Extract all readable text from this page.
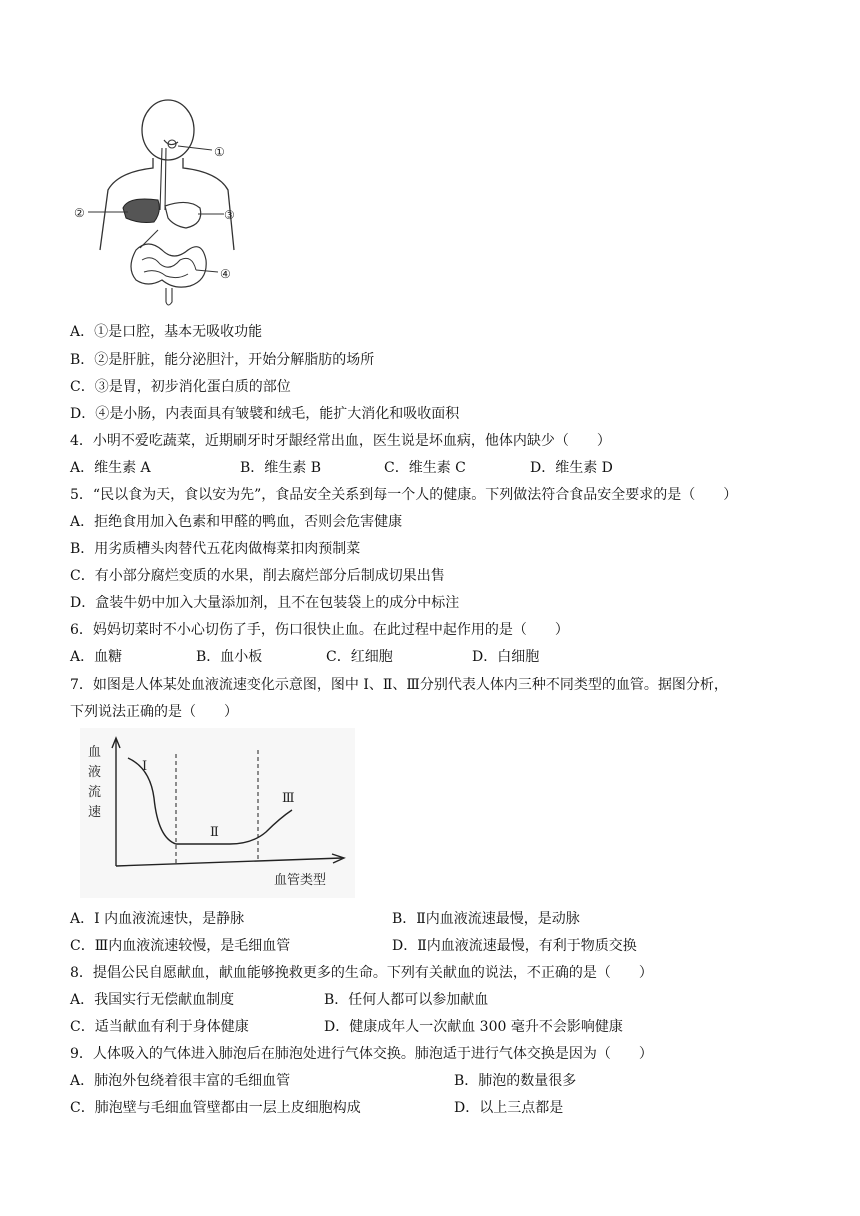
①
②	③
④
A．①是口腔，基本无吸收功能
B．②是肝脏，能分泌胆汁，开始分解脂肪的场所
C．③是胃，初步消化蛋白质的部位
D．④是小肠，内表面具有皱襞和绒毛，能扩大消化和吸收面积
4．小明不爱吃蔬菜，近期刷牙时牙龈经常出血，医生说是坏血病，他体内缺少（　　）
A．维生素 A	B．维生素 B	C．维生素 C	D．维生素 D
5．“民以食为天，食以安为先”，食品安全关系到每一个人的健康。下列做法符合食品安全要求的是（　　）
A．拒绝食用加入色素和甲醛的鸭血，否则会危害健康
B．用劣质槽头肉替代五花肉做梅菜扣肉预制菜
C．有小部分腐烂变质的水果，削去腐烂部分后制成切果出售
D．盒装牛奶中加入大量添加剂，且不在包装袋上的成分中标注
6．妈妈切菜时不小心切伤了手，伤口很快止血。在此过程中起作用的是（　　）
A．血糖	B．血小板	C．红细胞	D．白细胞
7．如图是人体某处血液流速变化示意图，图中 I、Ⅱ、Ⅲ分别代表人体内三种不同类型的血管。据图分析，
下列说法正确的是（　　）
血
液
流
速
I
Ⅱ
Ⅲ
血管类型
A．I 内血液流速快，是静脉	B．Ⅱ内血液流速最慢，是动脉
C．Ⅲ内血液流速较慢，是毛细血管	D．Ⅱ内血液流速最慢，有利于物质交换
8．提倡公民自愿献血，献血能够挽救更多的生命。下列有关献血的说法，不正确的是（　　）
A．我国实行无偿献血制度	B．任何人都可以参加献血
C．适当献血有利于身体健康	D．健康成年人一次献血 300 毫升不会影响健康
9．人体吸入的气体进入肺泡后在肺泡处进行气体交换。肺泡适于进行气体交换是因为（　　）
A．肺泡外包绕着很丰富的毛细血管	B．肺泡的数量很多
C．肺泡壁与毛细血管壁都由一层上皮细胞构成	D．以上三点都是
